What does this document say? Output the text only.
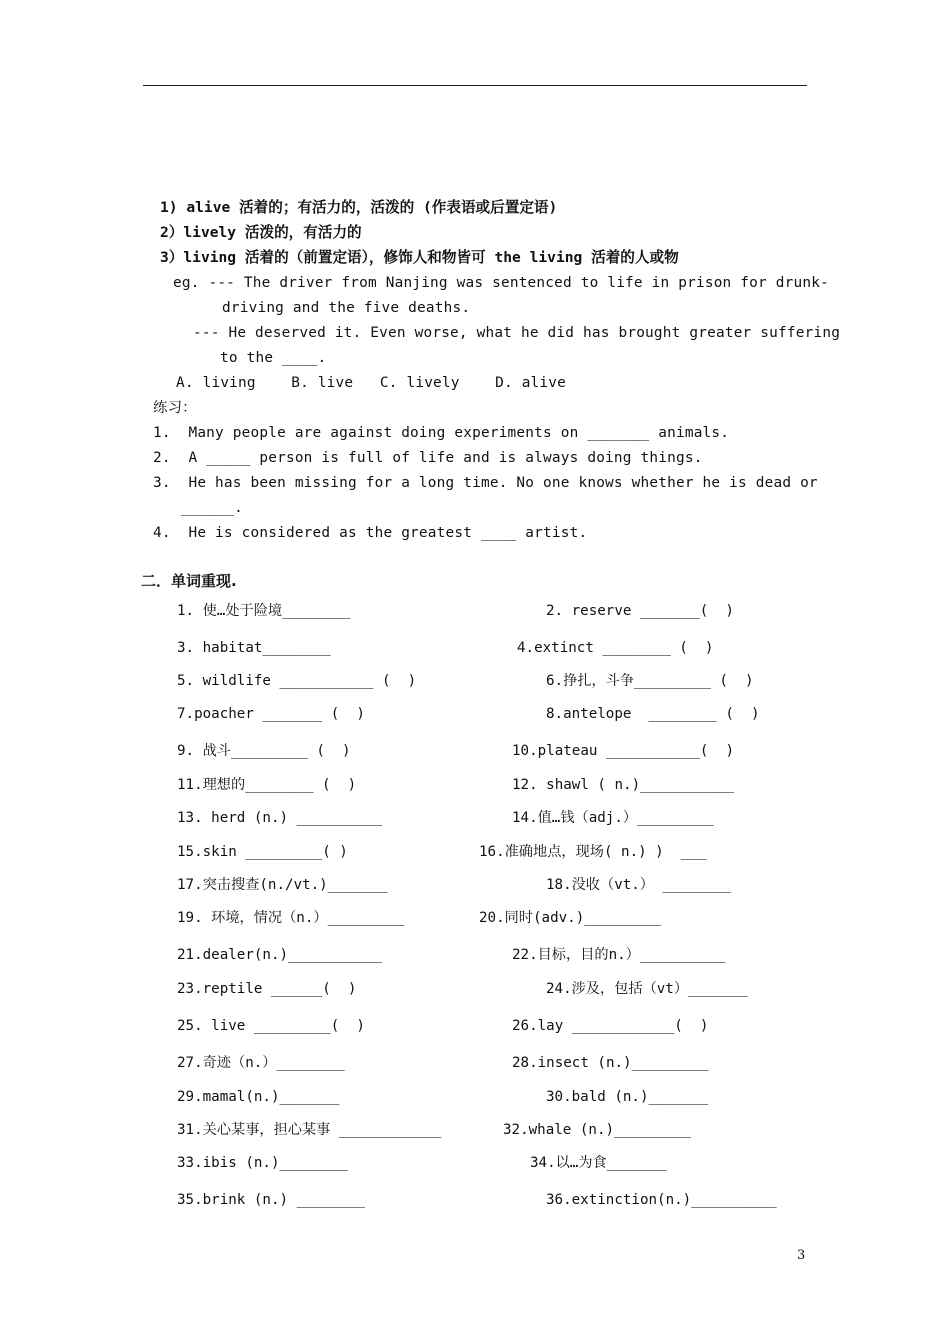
1) alive 活着的；有活力的，活泼的 (作表语或后置定语)
2）lively 活泼的，有活力的
3）living 活着的（前置定语），修饰人和物皆可 the living 活着的人或物
eg. --- The driver from Nanjing was sentenced to life in prison for drunk-
driving and the five deaths.
--- He deserved it. Even worse, what he did has brought greater suffering
to the ____.
A. living    B. live   C. lively    D. alive
练习：
1.  Many people are against doing experiments on _______ animals.
2.  A _____ person is full of life and is always doing things.
3.  He has been missing for a long time. No one knows whether he is dead or
______.
4.  He is considered as the greatest ____ artist.
二．单词重现.
1. 使…处于险境________	2. reserve _______(  )
3. habitat________	4.extinct ________ (  )
5. wildlife ___________ (  )	6.挣扎，斗争_________ (  )
7.poacher _______ (  )	8.antelope  ________ (  )
9. 战斗_________ (  )	10.plateau ___________(  )
11.理想的________ (  )	12. shawl ( n.)___________
13. herd (n.) __________	14.值…钱（adj.）_________
15.skin _________( )	16.准确地点，现场( n.) )  ___
17.突击搜查(n./vt.)_______	18.没收（vt.） ________
19. 环境，情况（n.）_________	20.同时(adv.)_________
21.dealer(n.)___________	22.目标，目的n.）__________
23.reptile ______(  )	24.涉及，包括（vt）_______
25. live _________(  )	26.lay ____________(  )
27.奇迹（n.）________	28.insect (n.)_________
29.mamal(n.)_______	30.bald (n.)_______
31.关心某事，担心某事 ____________	32.whale (n.)_________
33.ibis (n.)________	34.以…为食_______
35.brink (n.) ________	36.extinction(n.)__________
3
